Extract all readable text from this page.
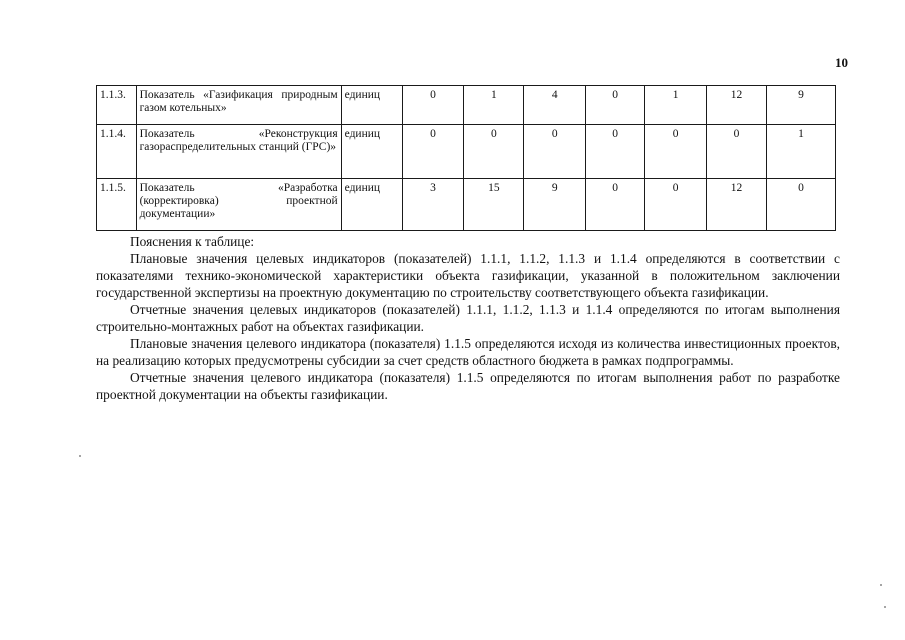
10
1.1.3.	Показатель «Газификация природным газом котельных»	единиц	0	1	4	0	1	12	9
1.1.4.	Показатель «Реконструкция газораспределительных станций (ГРС)»	единиц	0	0	0	0	0	0	1
1.1.5.	Показатель «Разработка (корректировка) проектной документации»	единиц	3	15	9	0	0	12	0
Пояснения к таблице:

Плановые значения целевых индикаторов (показателей) 1.1.1, 1.1.2, 1.1.3 и 1.1.4 определяются в соответствии с показателями технико-экономической характеристики объекта газификации, указанной в положительном заключении государственной экспертизы на проектную документацию по строительству соответствующего объекта газификации.

Отчетные значения целевых индикаторов (показателей) 1.1.1, 1.1.2, 1.1.3 и 1.1.4 определяются по итогам выполнения строительно-монтажных работ на объектах газификации.

Плановые значения целевого индикатора (показателя) 1.1.5 определяются исходя из количества инвестиционных проектов, на реализацию которых предусмотрены субсидии за счет средств областного бюджета в рамках подпрограммы.

Отчетные значения целевого индикатора (показателя) 1.1.5 определяются по итогам выполнения работ по разработке проектной документации на объекты газификации.
